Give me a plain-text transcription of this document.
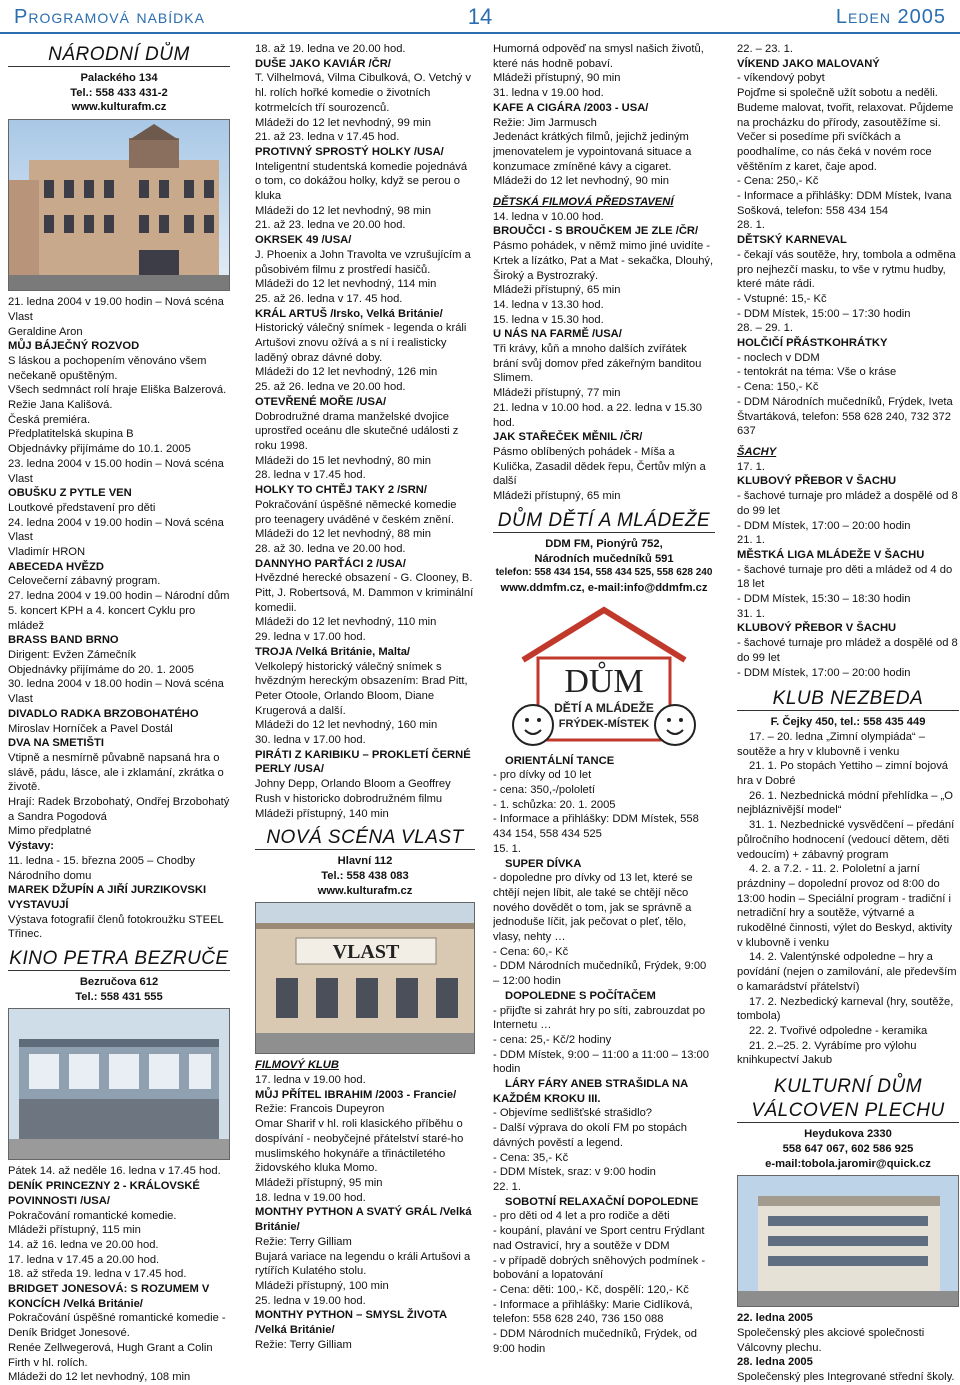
Programová nabídka	14	Leden 2005
NÁRODNÍ DŮM

Palackého 134

Tel.: 558 433 431-2

www.kulturafm.cz

21. ledna 2004 v 19.00 hodin – Nová scéna Vlast

Geraldine Aron

MŮJ BÁJEČNÝ ROZVOD

S láskou a pochopením věnováno všem nečekaně opuštěným.

Všech sedmnáct rolí hraje Eliška Balzerová.

Režie Jana Kališová.

Česká premiéra.

Předplatitelská skupina B

Objednávky přijímáme do 10.1. 2005

23. ledna 2004 v 15.00 hodin – Nová scéna Vlast

OBUŠKU Z PYTLE VEN

Loutkové představení pro děti

24. ledna 2004 v 19.00 hodin – Nová scéna Vlast

Vladimír HRON

ABECEDA HVĚZD

Celovečerní zábavný program.

27. ledna 2004 v 19.00 hodin – Národní dům

5. koncert KPH a 4. koncert Cyklu pro mládež

BRASS BAND BRNO

Dirigent: Evžen Zámečník

Objednávky přijímáme do 20. 1. 2005

30. ledna 2004 v 18.00 hodin – Nová scéna Vlast

DIVADLO RADKA BRZOBOHATÉHO

Miroslav Horníček a Pavel Dostál

DVA NA SMETIŠTI

Vtipně a nesmírně půvabně napsaná hra o slávě, pádu, lásce, ale i zklamání, zkrátka o životě.

Hrají: Radek Brzobohatý, Ondřej Brzobohatý a Sandra Pogodová

Mimo předplatné

Výstavy:

11. ledna - 15. března 2005 – Chodby Národního domu

MAREK DŽUPÍN A JIŘÍ JURZIKOVSKI

VYSTAVUJÍ

Výstava fotografií členů fotokroužku STEEL Třinec.

KINO PETRA BEZRUČE

Bezručova 612

Tel.: 558 431 555

Pátek 14. až neděle 16. ledna v 17.45 hod.

DENÍK PRINCEZNY 2 - KRÁLOVSKÉ POVINNOSTI /USA/

Pokračování romantické komedie.

Mládeži přístupný, 115 min

14. až 16. ledna ve 20.00 hod.

17. ledna v 17.45 a 20.00 hod.

18. až středa 19. ledna v 17.45 hod.

BRIDGET JONESOVÁ: S ROZUMEM V KONCÍCH /Velká Británie/

Pokračování úspěšné romantické komedie - Deník Bridget Jonesové.

Renée Zellwegerová, Hugh Grant a Colin Firth v hl. rolích.

Mládeži do 12 let nevhodný, 108 min

18. až 19. ledna ve 20.00 hod.

DUŠE JAKO KAVIÁR /ČR/

T. Vilhelmová, Vilma Cibulková, O. Vetchý v hl. rolích hořké komedie o životních kotrmelcích tří sourozenců.

Mládeži do 12 let nevhodný, 99 min

21. až 23. ledna v 17.45 hod.

PROTIVNÝ SPROSTÝ HOLKY /USA/

Inteligentní studentská komedie pojednává o tom, co dokážou holky, když se perou o kluka

Mládeži do 12 let nevhodný, 98 min

21. až 23. ledna ve 20.00 hod.

OKRSEK 49 /USA/

J. Phoenix a John Travolta ve vzrušujícím a působivém filmu z prostředí hasičů.

Mládeži do 12 let nevhodný, 114 min

25. až 26. ledna v 17. 45 hod.

KRÁL ARTUŠ /Irsko, Velká Británie/

Historický válečný snímek - legenda o králi Artušovi znovu ožívá a s ní i realisticky laděný obraz dávné doby.

Mládeži do 12 let nevhodný, 126 min

25. až 26. ledna ve 20.00 hod.

OTEVŘENÉ MOŘE /USA/

Dobrodružné drama manželské dvojice uprostřed oceánu dle skutečné události z roku 1998.

Mládeži do 15 let nevhodný, 80 min

28. ledna v 17.45 hod.

HOLKY TO CHTĚJ TAKY 2 /SRN/

Pokračování úspěšné německé komedie pro teenagery uváděné v českém znění.

Mládeži do 12 let nevhodný, 88 min

28. až 30. ledna ve 20.00 hod.

DANNYHO PARŤÁCI 2 /USA/

Hvězdné herecké obsazení - G. Clooney, B. Pitt, J. Robertsová, M. Dammon v kriminální komedii.

Mládeži do 12 let nevhodný, 110 min

29. ledna v 17.00 hod.

TROJA /Velká Británie, Malta/

Velkolepý historický válečný snímek s hvězdným hereckým obsazením: Brad Pitt, Peter Otoole, Orlando Bloom, Diane Krugerová a další.

Mládeži do 12 let nevhodný, 160 min

30. ledna v 17.00 hod.

PIRÁTI Z KARIBIKU – PROKLETÍ ČERNÉ PERLY /USA/

Johny Depp, Orlando Bloom a Geoffrey Rush v historicko dobrodružném filmu

Mládeži přístupný, 140 min

NOVÁ SCÉNA VLAST

Hlavní 112

Tel.: 558 438 083

www.kulturafm.cz

VLAST

FILMOVÝ KLUB

17. ledna v 19.00 hod.

MŮJ PŘÍTEL IBRAHIM /2003 - Francie/

Režie: Francois Dupeyron

Omar Sharif v hl. roli klasického příběhu o dospívání - neobyčejné přátelství staré-ho muslimského hokynáře a třináctiletého židovského kluka Momo.

Mládeži přístupný, 95 min

18. ledna v 19.00 hod.

MONTHY PYTHON A SVATÝ GRÁL /Velká Británie/

Režie: Terry Gilliam

Bujará variace na legendu o králi Artušovi a rytířích Kulatého stolu.

Mládeži přístupný, 100 min

25. ledna v 19.00 hod.

MONTHY PYTHON – SMYSL ŽIVOTA /Velká Británie/

Režie: Terry Gilliam

Humorná odpověď na smysl našich životů, které nás hodně pobaví.

Mládeži přístupný, 90 min

31. ledna v 19.00 hod.

KAFE A CIGÁRA /2003 - USA/

Režie: Jim Jarmusch

Jedenáct krátkých filmů, jejichž jediným jmenovatelem je vypointovaná situace a konzumace zmíněné kávy a cigaret.

Mládeži do 12 let nevhodný, 90 min

DĚTSKÁ FILMOVÁ PŘEDSTAVENÍ

14. ledna v 10.00 hod.

BROUČCI - S BROUČKEM JE ZLE /ČR/

Pásmo pohádek, v němž mimo jiné uvidíte - Krtek a lízátko, Pat a Mat - sekačka, Dlouhý, Široký a Bystrozraký.

Mládeži přístupný, 65 min

14. ledna v 13.30 hod.

15. ledna v 15.30 hod.

U NÁS NA FARMĚ /USA/

Tři krávy, kůň a mnoho dalších zvířátek brání svůj domov před zákeřným banditou Slimem.

Mládeži přístupný, 77 min

21. ledna v 10.00 hod. a 22. ledna v 15.30 hod.

JAK STAŘEČEK MĚNIL /ČR/

Pásmo oblíbených pohádek - Míša a Kulička, Zasadil dědek řepu, Čertův mlýn a další

Mládeži přístupný, 65 min

DŮM DĚTÍ A MLÁDEŽE

DDM FM, Pionýrů 752,

Národních mučedníků 591

telefon: 558 434 154, 558 434 525, 558 628 240

www.ddmfm.cz, e-mail:info@ddmfm.cz

DŮM
DĚTÍ A MLÁDEŽE
FRÝDEK-MÍSTEK

ORIENTÁLNÍ TANCE

- pro dívky od 10 let

- cena: 350,-/pololetí

- 1. schůzka: 20. 1. 2005

- Informace a přihlášky: DDM Místek, 558 434 154, 558 434 525

15. 1.

SUPER DÍVKA

- dopoledne pro dívky od 13 let, které se chtějí nejen líbit, ale také se chtějí něco nového dovědět o tom, jak se správně a jednoduše líčit, jak pečovat o pleť, tělo, vlasy, nehty …

- Cena: 60,- Kč

- DDM Národních mučedníků, Frýdek, 9:00 – 12:00 hodin

DOPOLEDNE S POČÍTAČEM

- přijďte si zahrát hry po síti, zabrouzdat po Internetu …

- cena: 25,- Kč/2 hodiny

- DDM Místek, 9:00 – 11:00 a 11:00 – 13:00 hodin

LÁRY FÁRY ANEB STRAŠIDLA NA KAŽDÉM KROKU III.

- Objevíme sedlišťské strašidlo?

- Další výprava do okolí FM po stopách dávných pověstí a legend.

- Cena: 35,- Kč

- DDM Místek, sraz: v 9:00 hodin

22. 1.

SOBOTNÍ RELAXAČNÍ DOPOLEDNE

- pro děti od 4 let a pro rodiče a děti

- koupání, plavání ve Sport centru Frýdlant nad Ostravicí, hry a soutěže v DDM

- v případě dobrých sněhových podmínek - bobování a lopatování

- Cena: děti: 100,- Kč, dospělí: 120,- Kč

- Informace a přihlášky: Marie Cidlíková, telefon: 558 628 240, 736 150 088

- DDM Národních mučedníků, Frýdek, od 9:00 hodin

22. – 23. 1.

VÍKEND JAKO MALOVANÝ

- víkendový pobyt

Pojďme si společně užít sobotu a neděli. Budeme malovat, tvořit, relaxovat. Půjdeme na procházku do přírody, zasoutěžíme si. Večer si posedíme při svíčkách a poodhalíme, co nás čeká v novém roce věštěním z karet, čaje apod.

- Cena: 250,- Kč

- Informace a přihlášky: DDM Místek, Ivana Sošková, telefon: 558 434 154

28. 1.

DĚTSKÝ KARNEVAL

- čekají vás soutěže, hry, tombola a odměna pro nejhezčí masku, to vše v rytmu hudby, které máte rádi.

- Vstupné: 15,- Kč

- DDM Místek, 15:00 – 17:30 hodin

28. – 29. 1.

HOLČIČÍ PŘÁSTKOHRÁTKY

- noclech v DDM

- tentokrát na téma: Vše o kráse

- Cena: 150,- Kč

- DDM Národních mučedníků, Frýdek, Iveta Štvartáková, telefon: 558 628 240, 732 372 637

ŠACHY

17. 1.

KLUBOVÝ PŘEBOR V ŠACHU

- šachové turnaje pro mládež a dospělé od 8 do 99 let

- DDM Místek, 17:00 – 20:00 hodin

21. 1.

MĚSTKÁ LIGA MLÁDEŽE V ŠACHU

- šachové turnaje pro děti a mládež od 4 do 18 let

- DDM Místek, 15:30 – 18:30 hodin

31. 1.

KLUBOVÝ PŘEBOR V ŠACHU

- šachové turnaje pro mládež a dospělé od 8 do 99 let

- DDM Místek, 17:00 – 20:00 hodin

KLUB NEZBEDA

F. Čejky 450, tel.: 558 435 449

17. – 20. ledna „Zimní olympiáda“ – soutěže a hry v klubovně i venku

21. 1. Po stopách Yettiho – zimní bojová hra v Dobré

26. 1. Nezbednická módní přehlídka – „O nejbláznivější model“

31. 1. Nezbednické vysvědčení – předání půlročního hodnocení (vedoucí dětem, děti vedoucím) + zábavný program

4. 2. a 7.2. - 11. 2. Pololetní a jarní prázdniny – dopolední provoz od 8:00 do 13:00 hodin – Speciální program - tradiční i netradiční hry a soutěže, výtvarné a rukodělné činnosti, výlet do Beskyd, aktivity v klubovně i venku

14. 2. Valentýnské odpoledne – hry a povídání (nejen o zamilování, ale především o kamarádství přátelství)

17. 2. Nezbedický karneval (hry, soutěže, tombola)

22. 2. Tvořivé odpoledne - keramika

21. 2.–25. 2. Vyrábíme pro výlohu knihkupectví Jakub

KULTURNÍ DŮM
VÁLCOVEN PLECHU

Heydukova 2330

558 647 067, 602 586 925

e-mail:tobola.jaromir@quick.cz

22. ledna 2005

Společenský ples akciové společnosti Válcovny plechu.

28. ledna 2005

Společenský ples Integrované střední školy.
